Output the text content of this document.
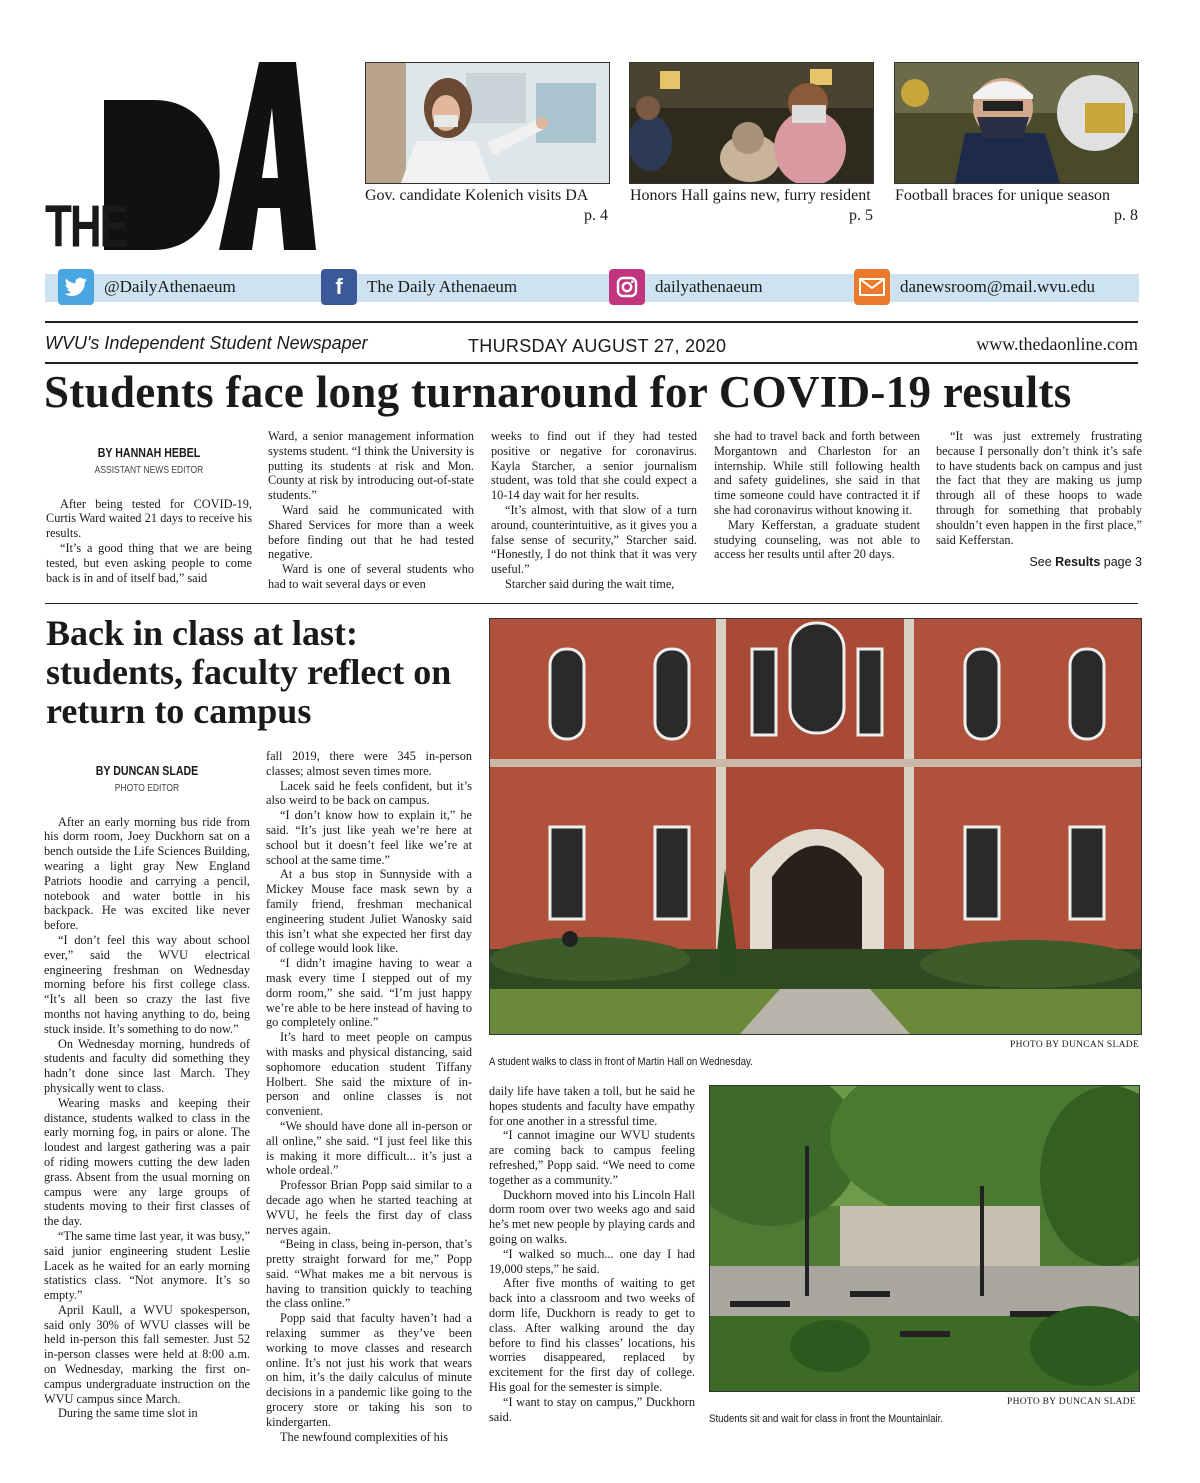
THE	Gov. candidate Kolenich visits DA
p. 4
Honors Hall gains new, furry resident
p. 5
Football braces for unique season
p. 8
@DailyAthenaeum	f	The Daily Athenaeum	dailyathenaeum	danewsroom@mail.wvu.edu
WVU's Independent Student Newspaper	THURSDAY AUGUST 27, 2020	www.thedaonline.com
Students face long turnaround for COVID-19 results
BY HANNAH HEBEL
ASSISTANT NEWS EDITOR

After being tested for COVID-19, Curtis Ward waited 21 days to receive his results.

“It’s a good thing that we are being tested, but even asking people to come back is in and of itself bad,” said

Ward, a senior management information systems student. “I think the University is putting its students at risk and Mon. County at risk by introducing out-of-state students.”

Ward said he communicated with Shared Services for more than a week before finding out that he had tested negative.

Ward is one of several students who had to wait several days or even

weeks to find out if they had tested positive or negative for coronavirus. Kayla Starcher, a senior journalism student, was told that she could expect a 10-14 day wait for her results.

“It’s almost, with that slow of a turn around, counterintuitive, as it gives you a false sense of security,” Starcher said. “Honestly, I do not think that it was very useful.”

Starcher said during the wait time,

she had to travel back and forth between Morgantown and Charleston for an internship. While still following health and safety guidelines, she said in that time someone could have contracted it if she had coronavirus without knowing it.

Mary Kefferstan, a graduate student studying counseling, was not able to access her results until after 20 days.

“It was just extremely frustrating because I personally don’t think it’s safe to have students back on campus and just the fact that they are making us jump through all of these hoops to wade through for something that probably shouldn’t even happen in the first place,” said Kefferstan.

See Results page 3
Back in class at last: students, faculty reflect on return to campus
BY DUNCAN SLADE
PHOTO EDITOR

After an early morning bus ride from his dorm room, Joey Duckhorn sat on a bench outside the Life Sciences Building, wearing a light gray New England Patriots hoodie and carrying a pencil, notebook and water bottle in his backpack. He was excited like never before.

“I don’t feel this way about school ever,” said the WVU electrical engineering freshman on Wednesday morning before his first college class. “It’s all been so crazy the last five months not having anything to do, being stuck inside. It’s something to do now.”

On Wednesday morning, hundreds of students and faculty did something they hadn’t done since last March. They physically went to class.

Wearing masks and keeping their distance, students walked to class in the early morning fog, in pairs or alone. The loudest and largest gathering was a pair of riding mowers cutting the dew laden grass. Absent from the usual morning on campus were any large groups of students moving to their first classes of the day.

“The same time last year, it was busy,” said junior engineering student Leslie Lacek as he waited for an early morning statistics class. “Not anymore. It’s so empty.”

April Kaull, a WVU spokesperson, said only 30% of WVU classes will be held in-person this fall semester. Just 52 in-person classes were held at 8:00 a.m. on Wednesday, marking the first on-campus undergraduate instruction on the WVU campus since March.

During the same time slot in

fall 2019, there were 345 in-person classes; almost seven times more.

Lacek said he feels confident, but it’s also weird to be back on campus.

“I don’t know how to explain it,” he said. “It’s just like yeah we’re here at school but it doesn’t feel like we’re at school at the same time.”

At a bus stop in Sunnyside with a Mickey Mouse face mask sewn by a family friend, freshman mechanical engineering student Juliet Wanosky said this isn’t what she expected her first day of college would look like.

“I didn’t imagine having to wear a mask every time I stepped out of my dorm room,” she said. “I’m just happy we’re able to be here instead of having to go completely online.”

It’s hard to meet people on campus with masks and physical distancing, said sophomore education student Tiffany Holbert. She said the mixture of in-person and online classes is not convenient.

“We should have done all in-person or all online,” she said. “I just feel like this is making it more difficult... it’s just a whole ordeal.”

Professor Brian Popp said similar to a decade ago when he started teaching at WVU, he feels the first day of class nerves again.

“Being in class, being in-person, that’s pretty straight forward for me,” Popp said. “What makes me a bit nervous is having to transition quickly to teaching the class online.”

Popp said that faculty haven’t had a relaxing summer as they’ve been working to move classes and research online. It’s not just his work that wears on him, it’s the daily calculus of minute decisions in a pandemic like going to the grocery store or taking his son to kindergarten.

The newfound complexities of his

daily life have taken a toll, but he said he hopes students and faculty have empathy for one another in a stressful time.

“I cannot imagine our WVU students are coming back to campus feeling refreshed,” Popp said. “We need to come together as a community.”

Duckhorn moved into his Lincoln Hall dorm room over two weeks ago and said he’s met new people by playing cards and going on walks.

“I walked so much... one day I had 19,000 steps,” he said.

After five months of waiting to get back into a classroom and two weeks of dorm life, Duckhorn is ready to get to class. After walking around the day before to find his classes’ locations, his worries disappeared, replaced by excitement for the first day of college. His goal for the semester is simple.

“I want to stay on campus,” Duckhorn said.

PHOTO BY DUNCAN SLADE
A student walks to class in front of Martin Hall on Wednesday.
PHOTO BY DUNCAN SLADE
Students sit and wait for class in front the Mountainlair.
